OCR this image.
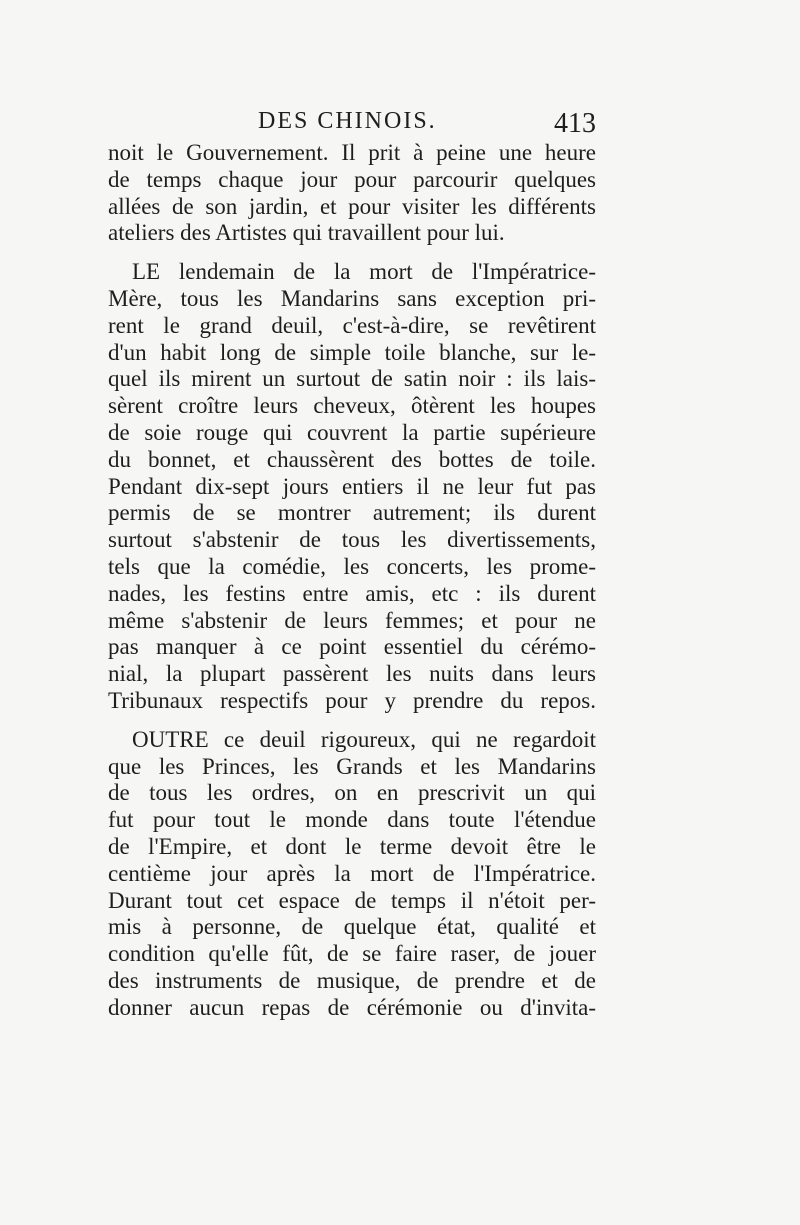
DES CHINOIS.	413
noit le Gouvernement. Il prit à peine une heure
de temps chaque jour pour parcourir quelques
allées de son jardin, et pour visiter les différents
ateliers des Artistes qui travaillent pour lui.
LE lendemain de la mort de l'Impératrice-
Mère, tous les Mandarins sans exception pri-
rent le grand deuil, c'est-à-dire, se revêtirent
d'un habit long de simple toile blanche, sur le-
quel ils mirent un surtout de satin noir : ils lais-
sèrent croître leurs cheveux, ôtèrent les houpes
de soie rouge qui couvrent la partie supérieure
du bonnet, et chaussèrent des bottes de toile.
Pendant dix-sept jours entiers il ne leur fut pas
permis de se montrer autrement; ils durent
surtout s'abstenir de tous les divertissements,
tels que la comédie, les concerts, les prome-
nades, les festins entre amis, etc : ils durent
même s'abstenir de leurs femmes; et pour ne
pas manquer à ce point essentiel du cérémo-
nial, la plupart passèrent les nuits dans leurs
Tribunaux respectifs pour y prendre du repos.
OUTRE ce deuil rigoureux, qui ne regardoit
que les Princes, les Grands et les Mandarins
de tous les ordres, on en prescrivit un qui
fut pour tout le monde dans toute l'étendue
de l'Empire, et dont le terme devoit être le
centième jour après la mort de l'Impératrice.
Durant tout cet espace de temps il n'étoit per-
mis à personne, de quelque état, qualité et
condition qu'elle fût, de se faire raser, de jouer
des instruments de musique, de prendre et de
donner aucun repas de cérémonie ou d'invita-
